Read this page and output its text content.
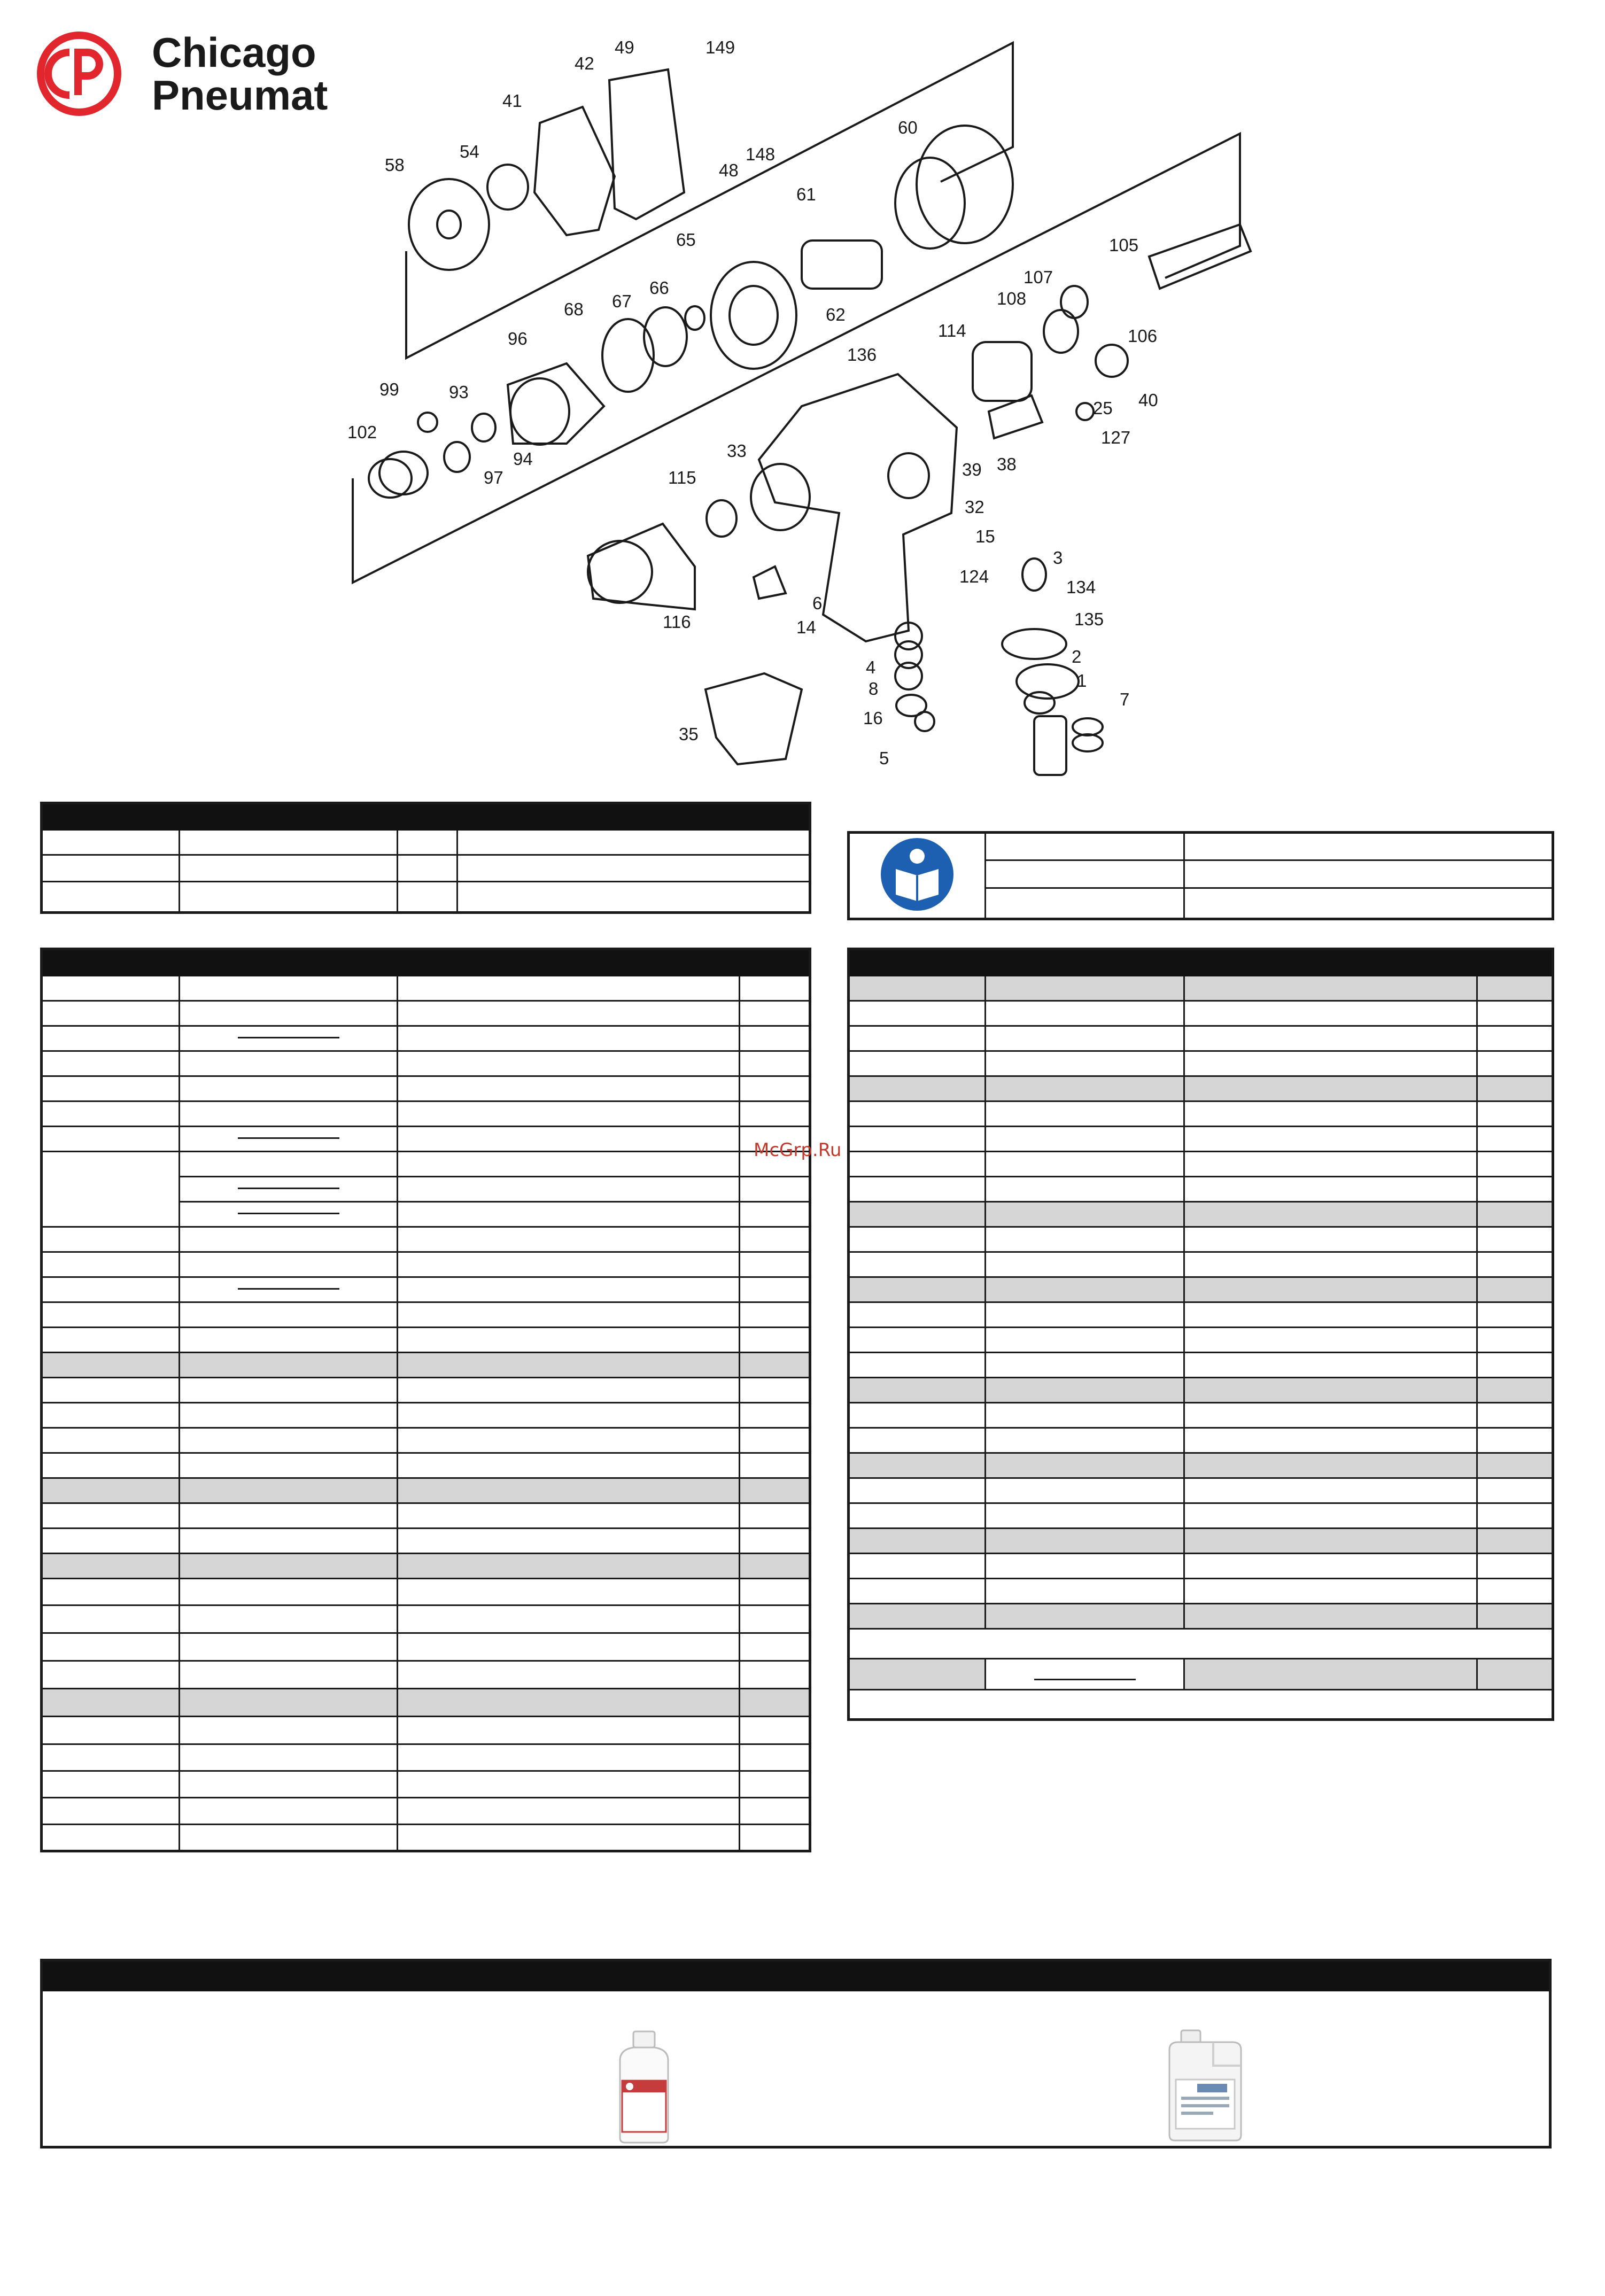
Chicago
Pneumat
49	149
42
41
148
48
54
58
60
61
65
62
105
107
108
106
66
67
68
96	114
136
25 40
127
99	93
33
102
94
97	115	39 38
32
15
116
124
3
6
134
135
14
2
4
1
8
7
16
35
5

McGrp.Ru
